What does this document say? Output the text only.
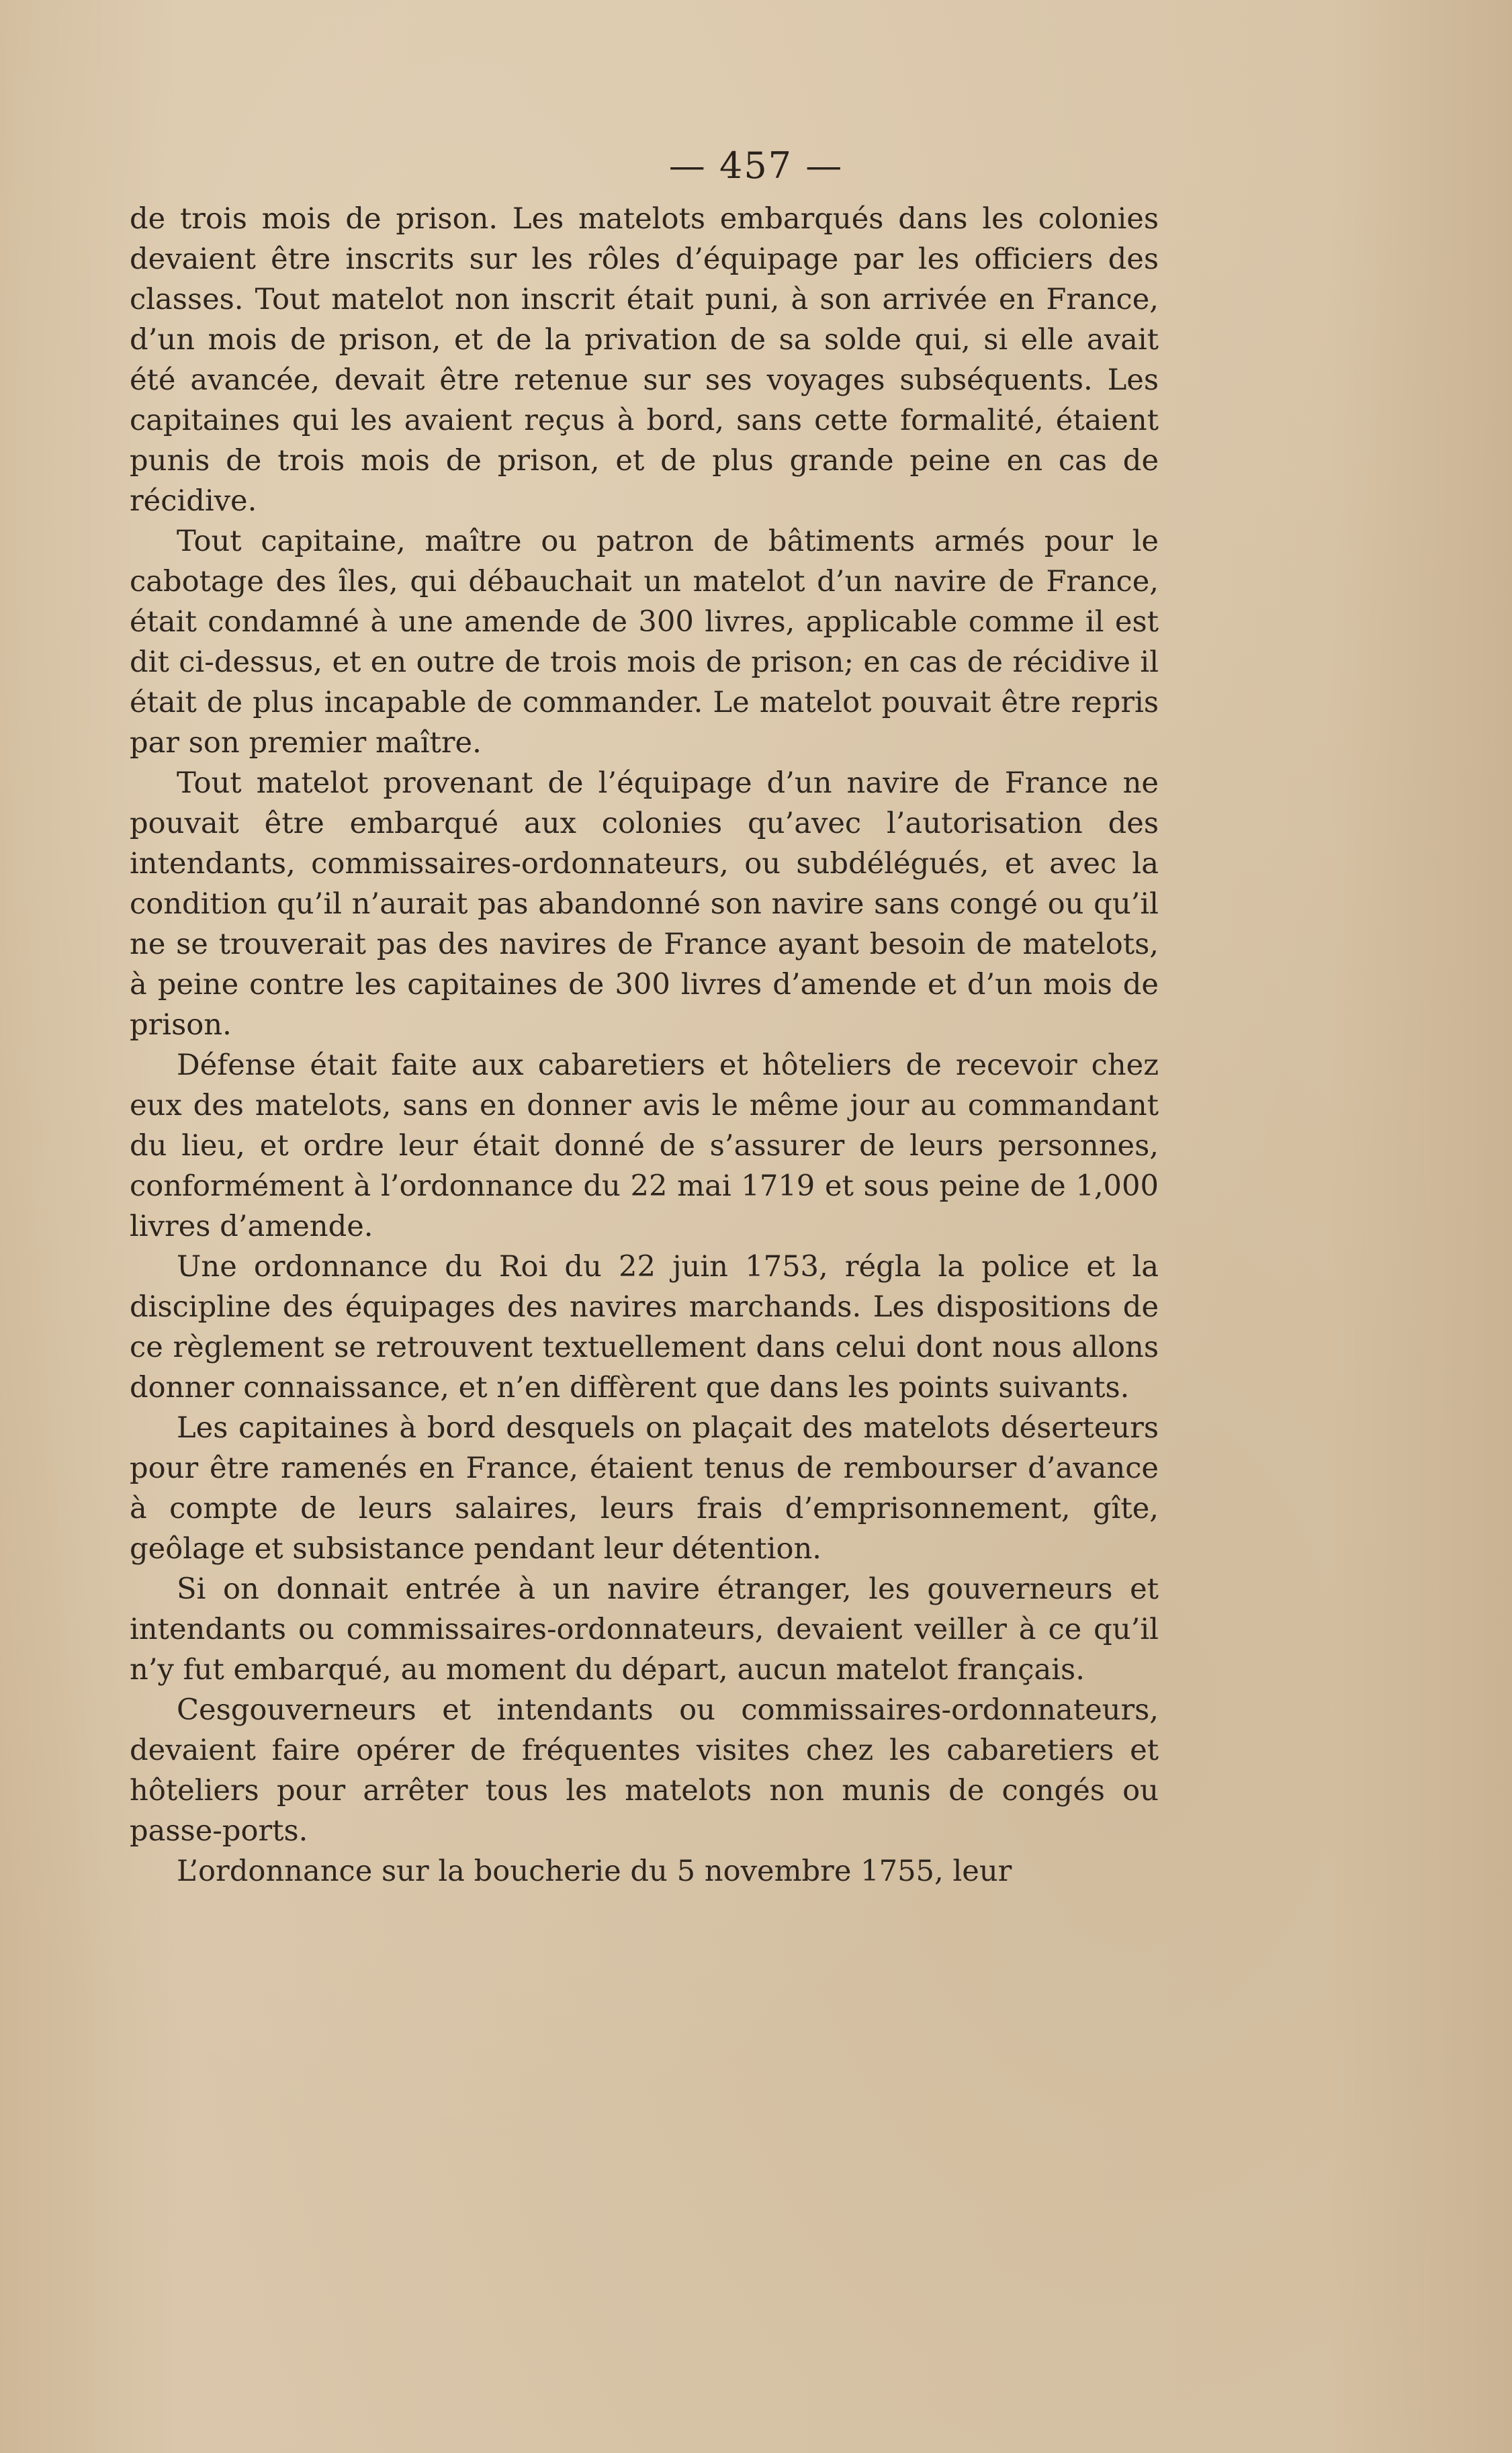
— 457 —

de trois mois de prison. Les matelots embarqués dans les colonies devaient être inscrits sur les rôles d’équipage par les officiers des classes. Tout matelot non inscrit était puni, à son arrivée en France, d’un mois de prison, et de la privation de sa solde qui, si elle avait été avancée, devait être retenue sur ses voyages subséquents. Les capitaines qui les avaient reçus à bord, sans cette formalité, étaient punis de trois mois de prison, et de plus grande peine en cas de récidive.

Tout capitaine, maître ou patron de bâtiments armés pour le cabotage des îles, qui débauchait un matelot d’un navire de France, était condamné à une amende de 300 livres, applicable comme il est dit ci-dessus, et en outre de trois mois de prison; en cas de récidive il était de plus incapable de commander. Le matelot pouvait être repris par son premier maître.

Tout matelot provenant de l’équipage d’un navire de France ne pouvait être embarqué aux colonies qu’avec l’autorisation des intendants, commissaires-ordonnateurs, ou subdélégués, et avec la condition qu’il n’aurait pas abandonné son navire sans congé ou qu’il ne se trouverait pas des navires de France ayant besoin de matelots, à peine contre les capitaines de 300 livres d’amende et d’un mois de prison.

Défense était faite aux cabaretiers et hôteliers de recevoir chez eux des matelots, sans en donner avis le même jour au commandant du lieu, et ordre leur était donné de s’assurer de leurs personnes, conformément à l’ordonnance du 22 mai 1719 et sous peine de 1,000 livres d’amende.

Une ordonnance du Roi du 22 juin 1753, régla la police et la discipline des équipages des navires marchands. Les dispositions de ce règlement se retrouvent textuellement dans celui dont nous allons donner connaissance, et n’en diffèrent que dans les points suivants.

Les capitaines à bord desquels on plaçait des matelots déserteurs pour être ramenés en France, étaient tenus de rembourser d’avance à compte de leurs salaires, leurs frais d’emprisonnement, gîte, geôlage et subsistance pendant leur détention.

Si on donnait entrée à un navire étranger, les gouverneurs et intendants ou commissaires-ordonnateurs, devaient veiller à ce qu’il n’y fut embarqué, au moment du départ, aucun matelot français.

Cesgouverneurs et intendants ou commissaires-ordonnateurs, devaient faire opérer de fréquentes visites chez les cabaretiers et hôteliers pour arrêter tous les matelots non munis de congés ou passe-ports.

L’ordonnance sur la boucherie du 5 novembre 1755, leur
